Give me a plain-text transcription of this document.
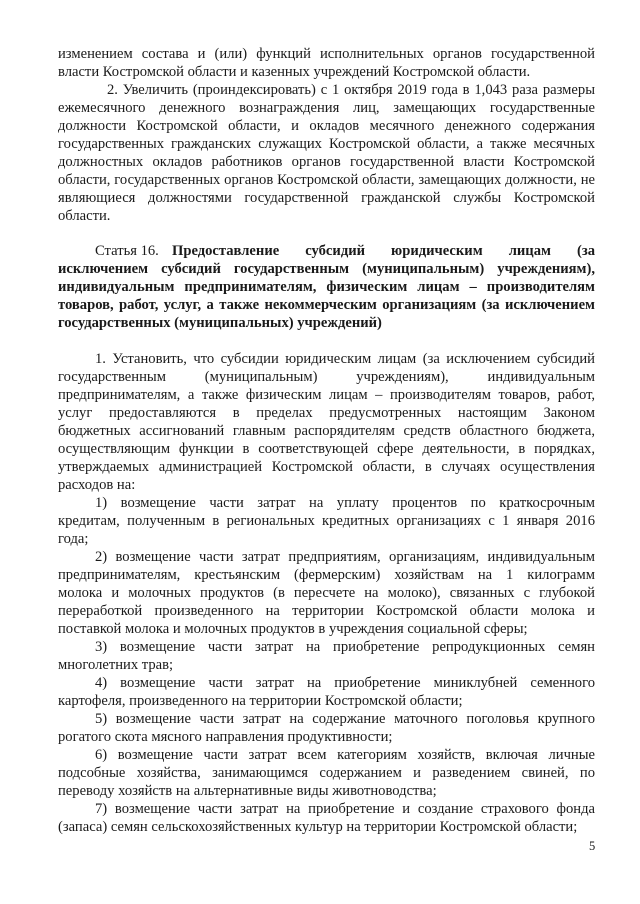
изменением состава и (или) функций исполнительных органов государственной
власти Костромской области и казенных учреждений Костромской области.
2. Увеличить (проиндексировать) с 1 октября 2019 года в 1,043 раза размеры
ежемесячного денежного вознаграждения лиц, замещающих государственные
должности Костромской области, и окладов месячного денежного содержания
государственных гражданских служащих Костромской области, а также месячных
должностных окладов работников органов государственной власти Костромской
области, государственных органов Костромской области, замещающих должности, не
являющиеся должностями государственной гражданской службы Костромской
области.
Статья 16. Предоставление субсидий юридическим лицам (за
исключением субсидий государственным (муниципальным) учреждениям),
индивидуальным предпринимателям, физическим лицам – производителям
товаров, работ, услуг, а также некоммерческим организациям (за исключением
государственных (муниципальных) учреждений)
1. Установить, что субсидии юридическим лицам (за исключением субсидий
государственным (муниципальным) учреждениям), индивидуальным
предпринимателям, а также физическим лицам – производителям товаров, работ,
услуг предоставляются в пределах предусмотренных настоящим Законом
бюджетных ассигнований главным распорядителям средств областного бюджета,
осуществляющим функции в соответствующей сфере деятельности, в порядках,
утверждаемых администрацией Костромской области, в случаях осуществления
расходов на:
1) возмещение части затрат на уплату процентов по краткосрочным
кредитам, полученным в региональных кредитных организациях с 1 января 2016
года;
2) возмещение части затрат предприятиям, организациям, индивидуальным
предпринимателям, крестьянским (фермерским) хозяйствам на 1 килограмм
молока и молочных продуктов (в пересчете на молоко), связанных с глубокой
переработкой произведенного на территории Костромской области молока и
поставкой молока и молочных продуктов в учреждения социальной сферы;
3) возмещение части затрат на приобретение репродукционных семян
многолетних трав;
4) возмещение части затрат на приобретение миниклубней семенного
картофеля, произведенного на территории Костромской области;
5) возмещение части затрат на содержание маточного поголовья крупного
рогатого скота мясного направления продуктивности;
6) возмещение части затрат всем категориям хозяйств, включая личные
подсобные хозяйства, занимающимся содержанием и разведением свиней, по
переводу хозяйств на альтернативные виды животноводства;
7) возмещение части затрат на приобретение и создание страхового фонда
(запаса) семян сельскохозяйственных культур на территории Костромской области;
5
